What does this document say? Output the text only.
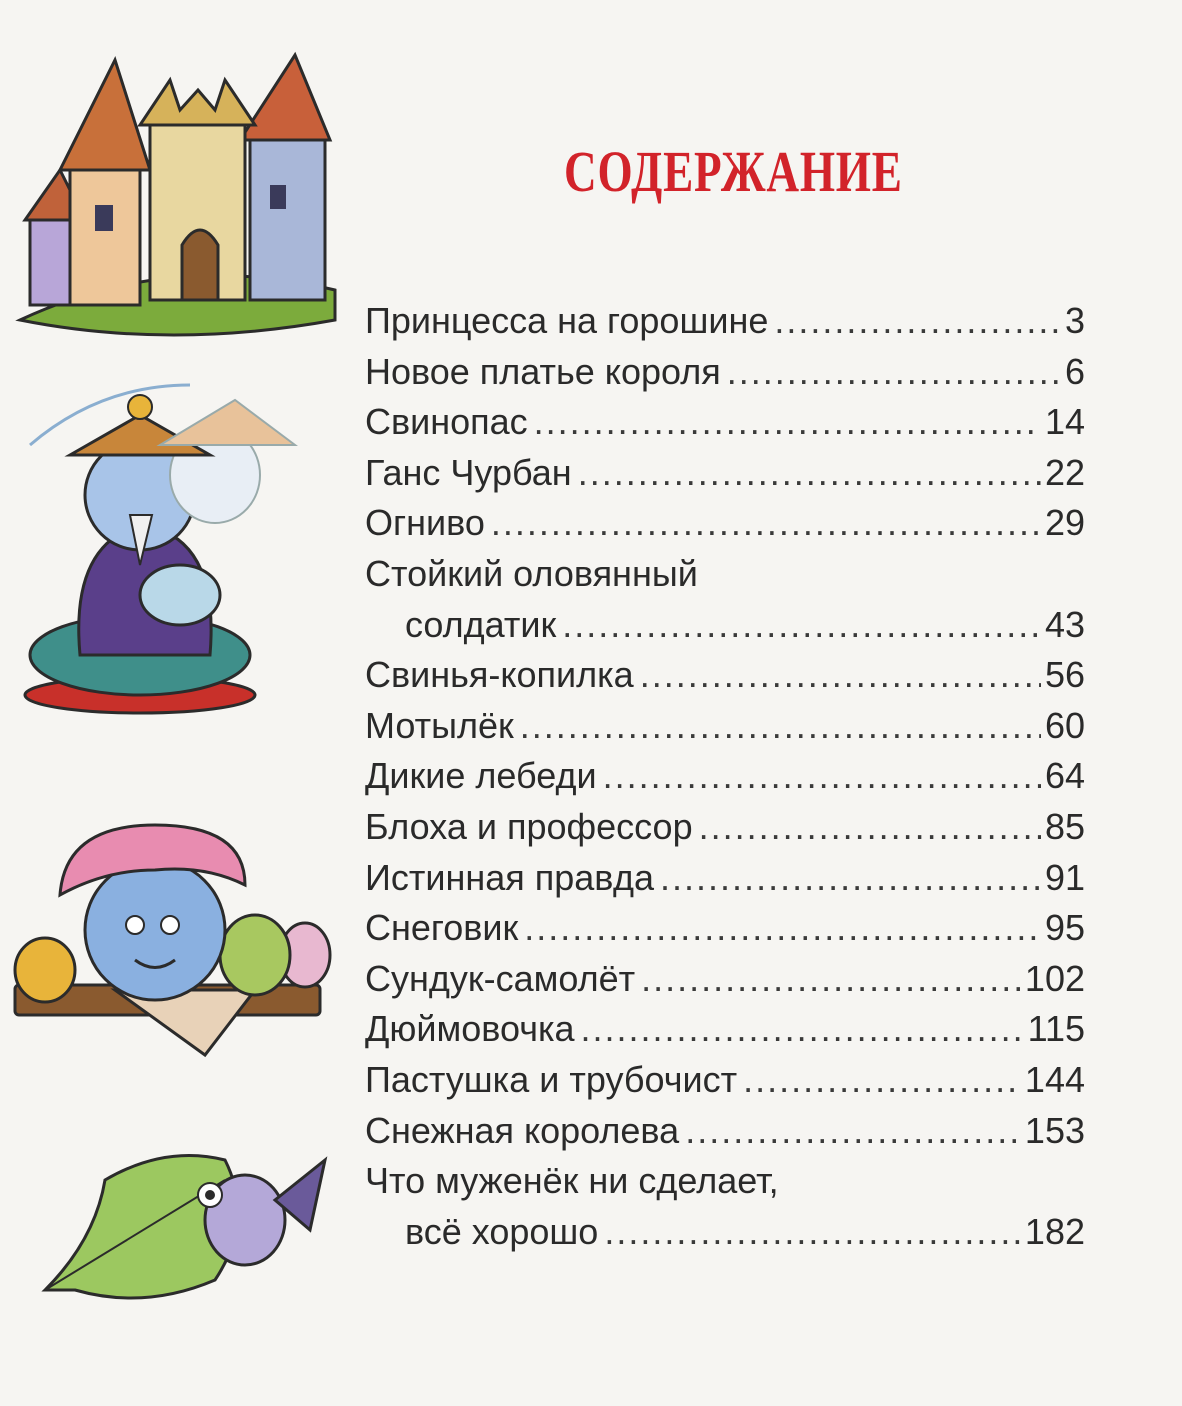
СОДЕРЖАНИЕ
Принцесса на горошине .....	3
Новое платье короля .....	6
Свинопас .....	14
Ганс Чурбан .....	22
Огниво .....	29
Стойкий оловянный
солдатик .....	43
Свинья-копилка .....	56
Мотылёк .....	60
Дикие лебеди .....	64
Блоха и профессор .....	85
Истинная правда .....	91
Снеговик .....	95
Сундук-самолёт .....	102
Дюймовочка .....	115
Пастушка и трубочист .....	144
Снежная королева .....	153
Что муженёк ни сделает,
всё хорошо .....	182
